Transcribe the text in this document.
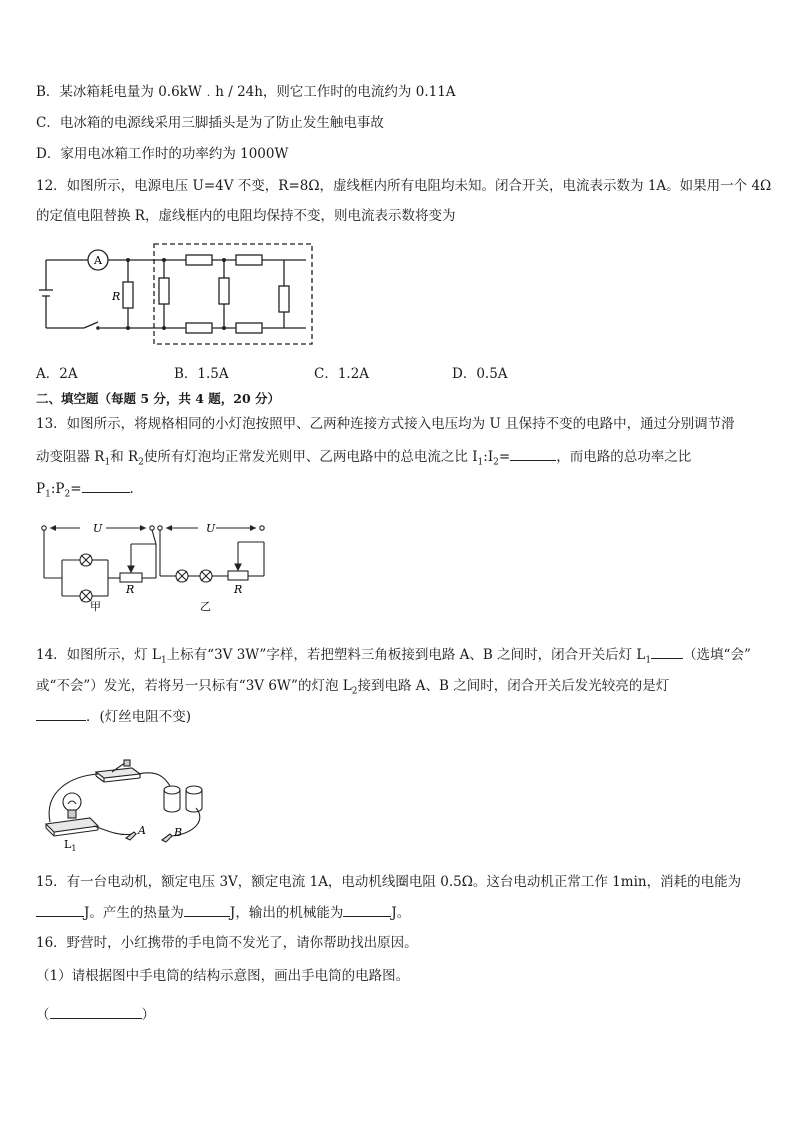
B．某冰箱耗电量为 0.6kW﹒h / 24h，则它工作时的电流约为 0.11A
C．电冰箱的电源线采用三脚插头是为了防止发生触电事故
D．家用电冰箱工作时的功率约为 1000W
12．如图所示，电源电压 U=4V 不变，R=8Ω，虚线框内所有电阻均未知。闭合开关，电流表示数为 1A。如果用一个 4Ω
的定值电阻替换 R，虚线框内的电阻均保持不变，则电流表示数将变为
A
R
A．2A	B．1.5A	C．1.2A	D．0.5A
二、填空题（每题 5 分，共 4 题，20 分）
13．如图所示，将规格相同的小灯泡按照甲、乙两种连接方式接入电压均为 U 且保持不变的电路中，通过分别调节滑
动变阻器 $R_1$和 $R_2$使所有灯泡均正常发光则甲、乙两电路中的总电流之比 $I_1:I_2=$	，而电路的总功率之比
$P_1:P_2=$	.
U	U
R	R
甲	乙
14．如图所示，灯 $L_1$上标有“3V 3W”字样，若把塑料三角板接到电路 A、B 之间时，闭合开关后灯 $L_1$ （选填“会”
或“不会”）发光，若将另一只标有“3V 6W”的灯泡 $L_2$接到电路 A、B 之间时，闭合开关后发光较亮的是灯
．(灯丝电阻不变)
$L_1$
A	B
15．有一台电动机，额定电压 3V，额定电流 1A，电动机线圈电阻 0.5Ω。这台电动机正常工作 1min，消耗的电能为
J。产生的热量为	J，输出的机械能为	J。
16．野营时，小红携带的手电筒不发光了，请你帮助找出原因。
（1）请根据图中手电筒的结构示意图，画出手电筒的电路图。
（	）
